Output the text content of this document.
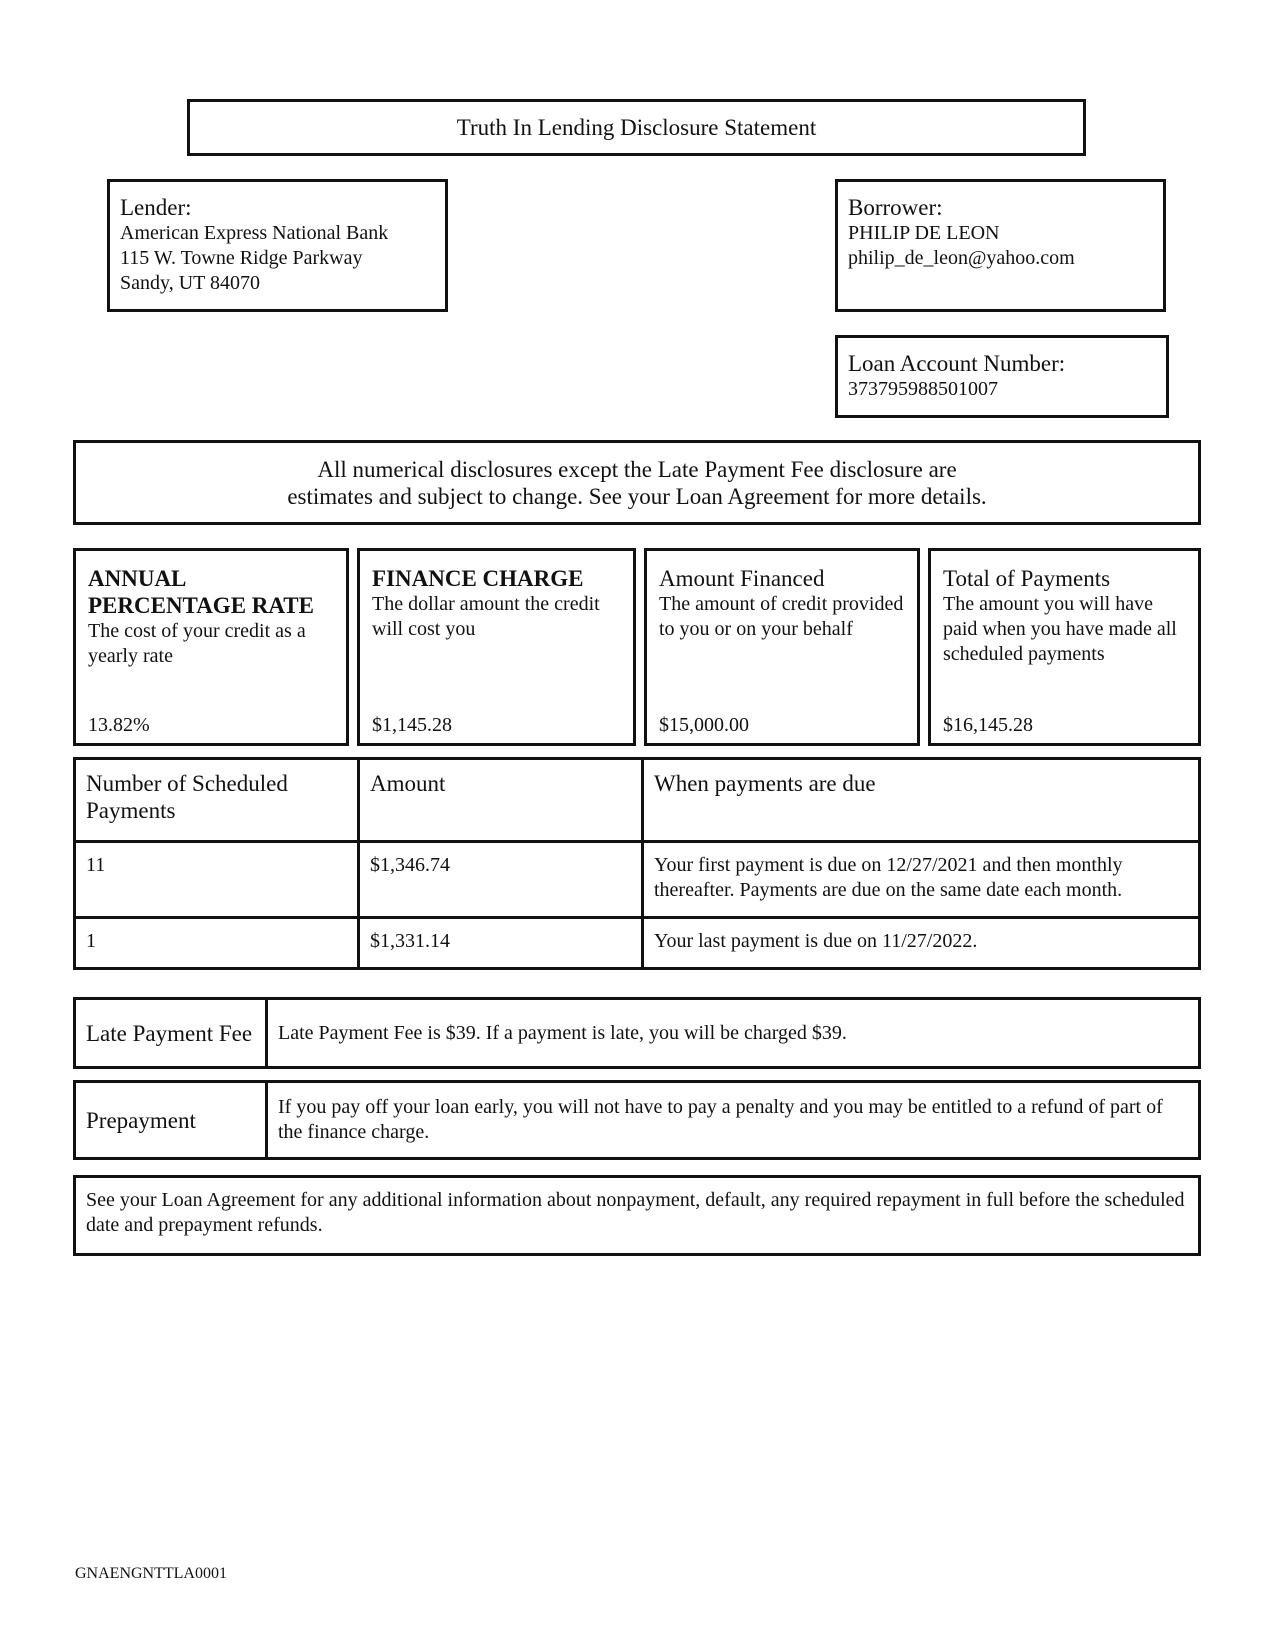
Truth In Lending Disclosure Statement
Lender:
American Express National Bank
115 W. Towne Ridge Parkway
Sandy, UT 84070
Borrower:
PHILIP DE LEON
philip_de_leon@yahoo.com
Loan Account Number:
373795988501007
All numerical disclosures except the Late Payment Fee disclosure are
estimates and subject to change. See your Loan Agreement for more details.
ANNUAL PERCENTAGE RATE
The cost of your credit as a yearly rate
13.82%
FINANCE CHARGE
The dollar amount the credit will cost you
$1,145.28
Amount Financed
The amount of credit provided to you or on your behalf
$15,000.00
Total of Payments
The amount you will have paid when you have made all scheduled payments
$16,145.28
Number of Scheduled Payments	Amount	When payments are due
11	$1,346.74	Your first payment is due on 12/27/2021 and then monthly thereafter. Payments are due on the same date each month.
1	$1,331.14	Your last payment is due on 11/27/2022.
Late Payment Fee	Late Payment Fee is $39. If a payment is late, you will be charged $39.
Prepayment
If you pay off your loan early, you will not have to pay a penalty and you may be entitled to a refund of part of the finance charge.
See your Loan Agreement for any additional information about nonpayment, default, any required repayment in full before the scheduled date and prepayment refunds.
GNAENGNTTLA0001
